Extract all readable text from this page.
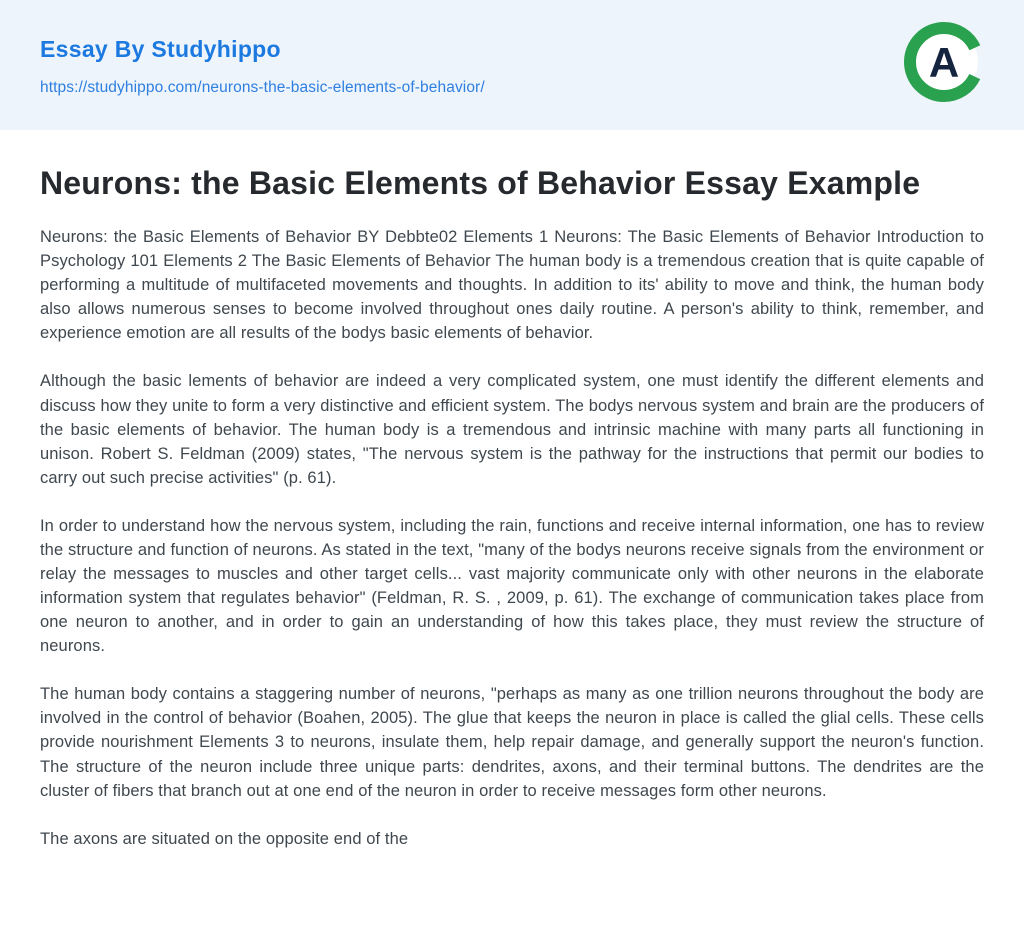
Essay By Studyhippo
https://studyhippo.com/neurons-the-basic-elements-of-behavior/
A
Neurons: the Basic Elements of Behavior Essay Example

Neurons: the Basic Elements of Behavior BY Debbte02 Elements 1 Neurons: The Basic Elements of Behavior Introduction to Psychology 101 Elements 2 The Basic Elements of Behavior The human body is a tremendous creation that is quite capable of performing a multitude of multifaceted movements and thoughts. In addition to its' ability to move and think, the human body also allows numerous senses to become involved throughout ones daily routine. A person's ability to think, remember, and experience emotion are all results of the bodys basic elements of behavior.

Although the basic lements of behavior are indeed a very complicated system, one must identify the different elements and discuss how they unite to form a very distinctive and efficient system. The bodys nervous system and brain are the producers of the basic elements of behavior. The human body is a tremendous and intrinsic machine with many parts all functioning in unison. Robert S. Feldman (2009) states, "The nervous system is the pathway for the instructions that permit our bodies to carry out such precise activities" (p. 61).

In order to understand how the nervous system, including the rain, functions and receive internal information, one has to review the structure and function of neurons. As stated in the text, "many of the bodys neurons receive signals from the environment or relay the messages to muscles and other target cells... vast majority communicate only with other neurons in the elaborate information system that regulates behavior" (Feldman, R. S. , 2009, p. 61). The exchange of communication takes place from one neuron to another, and in order to gain an understanding of how this takes place, they must review the structure of neurons.

The human body contains a staggering number of neurons, "perhaps as many as one trillion neurons throughout the body are involved in the control of behavior (Boahen, 2005). The glue that keeps the neuron in place is called the glial cells. These cells provide nourishment Elements 3 to neurons, insulate them, help repair damage, and generally support the neuron's function. The structure of the neuron include three unique parts: dendrites, axons, and their terminal buttons. The dendrites are the cluster of fibers that branch out at one end of the neuron in order to receive messages form other neurons.

The axons are situated on the opposite end of the
